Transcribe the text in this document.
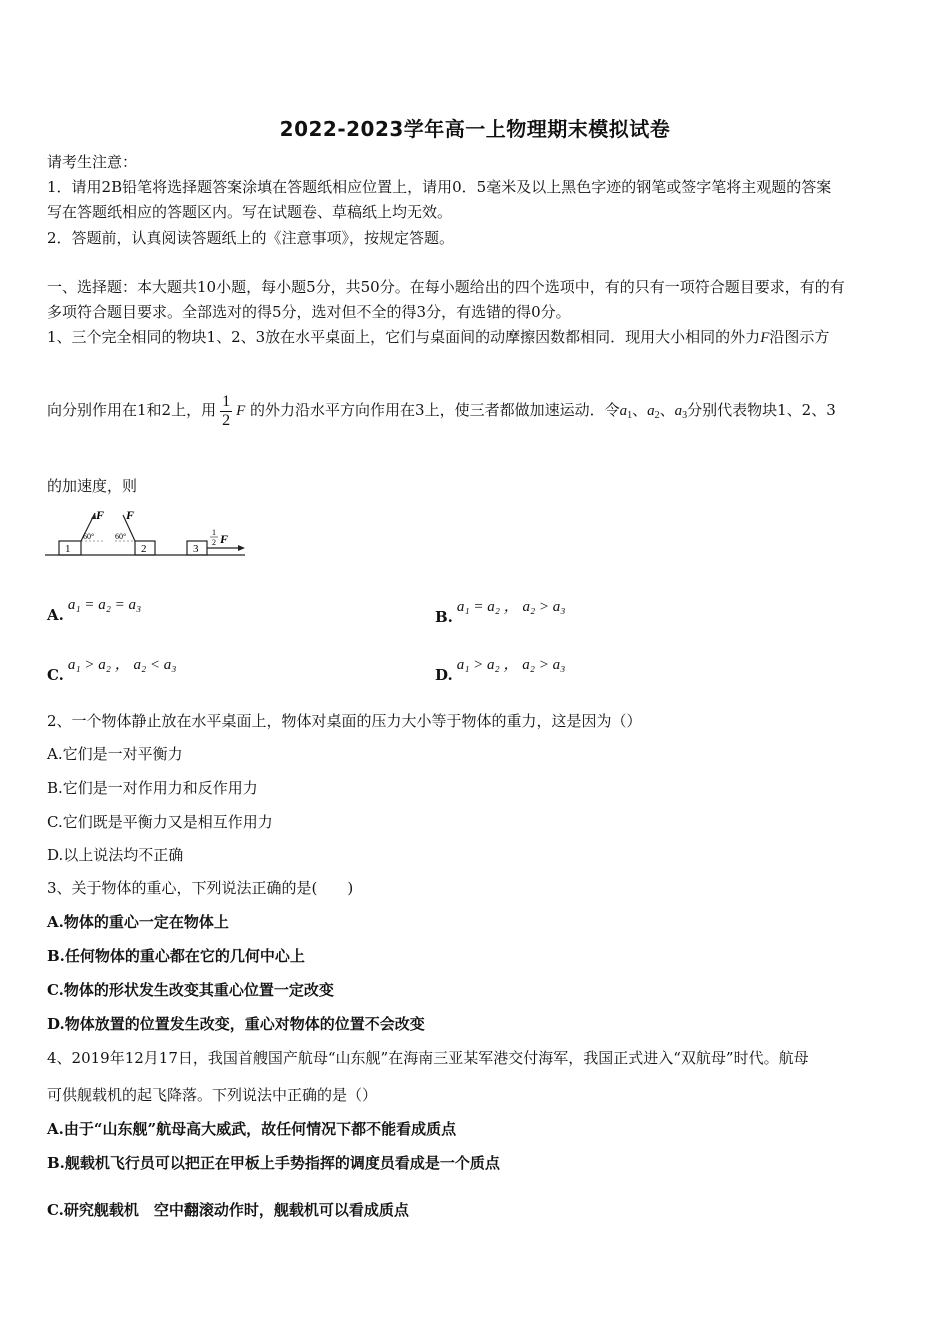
2022-2023学年高一上物理期末模拟试卷
请考生注意：
1．请用2B铅笔将选择题答案涂填在答题纸相应位置上，请用0．5毫米及以上黑色字迹的钢笔或签字笔将主观题的答案
写在答题纸相应的答题区内。写在试题卷、草稿纸上均无效。
2．答题前，认真阅读答题纸上的《注意事项》，按规定答题。
一、选择题：本大题共10小题，每小题5分，共50分。在每小题给出的四个选项中，有的只有一项符合题目要求，有的有
多项符合题目要求。全部选对的得5分，选对但不全的得3分，有选错的得0分。
1、三个完全相同的物块1、2、3放在水平桌面上，它们与桌面间的动摩擦因数都相同．现用大小相同的外力F沿图示方
向分别作用在1和2上，用 $\frac{1}{2}$ F 的外力沿水平方向作用在3上，使三者都做加速运动．令$a_1$、$a_2$、$a_3$分别代表物块1、2、3
的加速度，则
1
F
60°
2
F
60°
3
1
2 F
A.a₁ = a₂ = a₃
B.a₁ = a₂ ， a₂ > a₃
C.a₁ > a₂ ， a₂ < a₃
D.a₁ > a₂ ， a₂ > a₃
2、一个物体静止放在水平桌面上，物体对桌面的压力大小等于物体的重力，这是因为（）
A.它们是一对平衡力
B.它们是一对作用力和反作用力
C.它们既是平衡力又是相互作用力
D.以上说法均不正确
3、关于物体的重心，下列说法正确的是(　　)
A.物体的重心一定在物体上
B.任何物体的重心都在它的几何中心上
C.物体的形状发生改变其重心位置一定改变
D.物体放置的位置发生改变，重心对物体的位置不会改变
4、2019年12月17日，我国首艘国产航母“山东舰”在海南三亚某军港交付海军，我国正式进入“双航母”时代。航母
可供舰载机的起飞降落。下列说法中正确的是（）
A.由于“山东舰”航母高大威武，故任何情况下都不能看成质点
B.舰载机飞行员可以把正在甲板上手势指挥的调度员看成是一个质点
C.研究舰载机　空中翻滚动作时，舰载机可以看成质点
